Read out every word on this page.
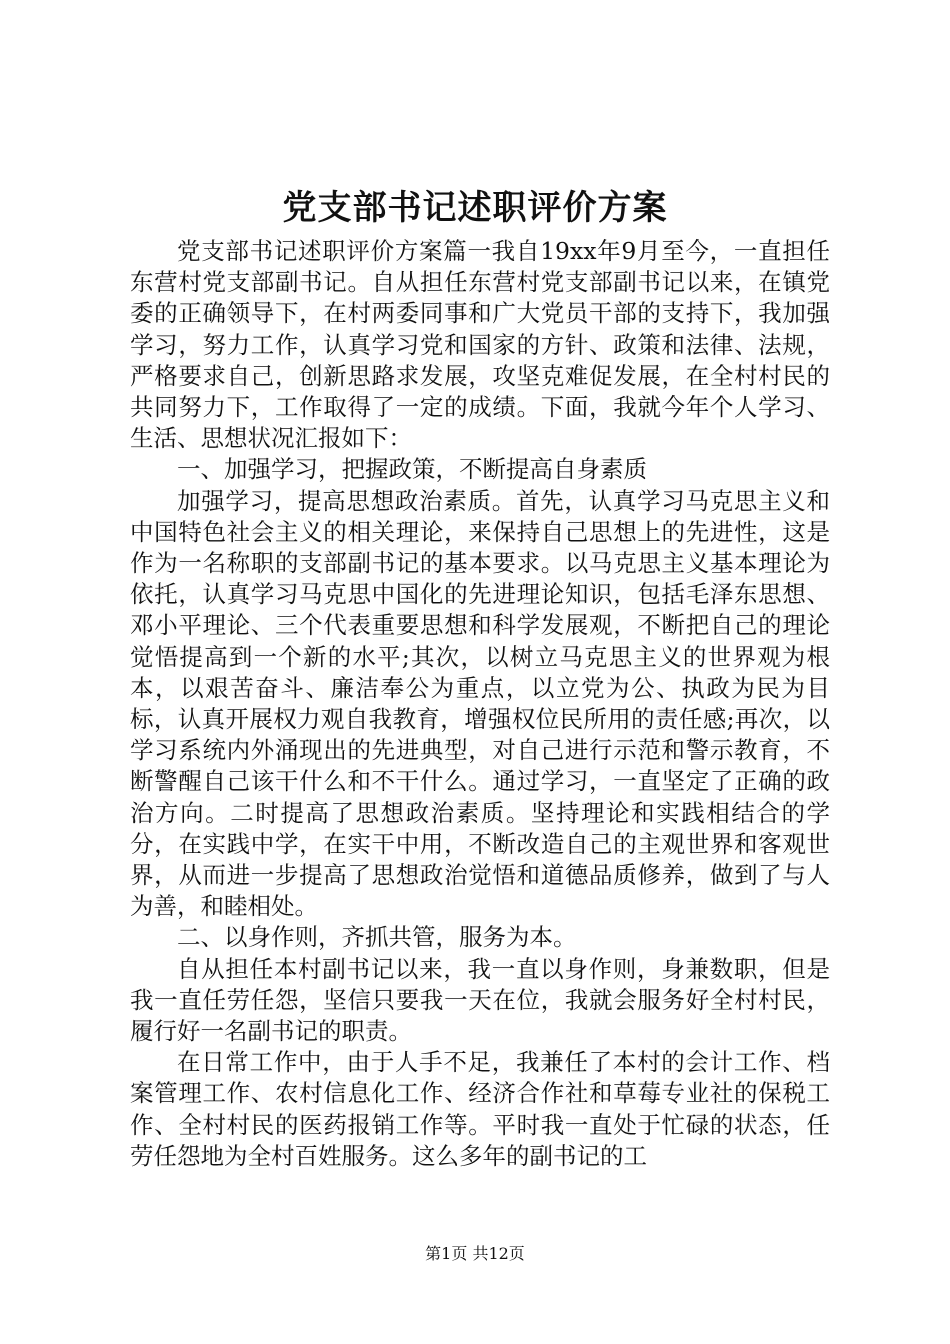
党支部书记述职评价方案

党支部书记述职评价方案篇一我自19xx年9月至今，一直担任东营村党支部副书记。自从担任东营村党支部副书记以来，在镇党委的正确领导下，在村两委同事和广大党员干部的支持下，我加强学习，努力工作，认真学习党和国家的方针、政策和法律、法规，严格要求自己，创新思路求发展，攻坚克难促发展，在全村村民的共同努力下，工作取得了一定的成绩。下面，我就今年个人学习、生活、思想状况汇报如下：

一、加强学习，把握政策，不断提高自身素质

加强学习，提高思想政治素质。首先，认真学习马克思主义和中国特色社会主义的相关理论，来保持自己思想上的先进性，这是作为一名称职的支部副书记的基本要求。以马克思主义基本理论为依托，认真学习马克思中国化的先进理论知识，包括毛泽东思想、邓小平理论、三个代表重要思想和科学发展观，不断把自己的理论觉悟提高到一个新的水平;其次，以树立马克思主义的世界观为根本，以艰苦奋斗、廉洁奉公为重点，以立党为公、执政为民为目标，认真开展权力观自我教育，增强权位民所用的责任感;再次，以学习系统内外涌现出的先进典型，对自己进行示范和警示教育，不断警醒自己该干什么和不干什么。通过学习，一直坚定了正确的政治方向。二时提高了思想政治素质。坚持理论和实践相结合的学分，在实践中学，在实干中用，不断改造自己的主观世界和客观世界，从而进一步提高了思想政治觉悟和道德品质修养，做到了与人为善，和睦相处。

二、以身作则，齐抓共管，服务为本。

自从担任本村副书记以来，我一直以身作则，身兼数职，但是我一直任劳任怨，坚信只要我一天在位，我就会服务好全村村民，履行好一名副书记的职责。

在日常工作中，由于人手不足，我兼任了本村的会计工作、档案管理工作、农村信息化工作、经济合作社和草莓专业社的保税工作、全村村民的医药报销工作等。平时我一直处于忙碌的状态，任劳任怨地为全村百姓服务。这么多年的副书记的工

第1页 共12页
